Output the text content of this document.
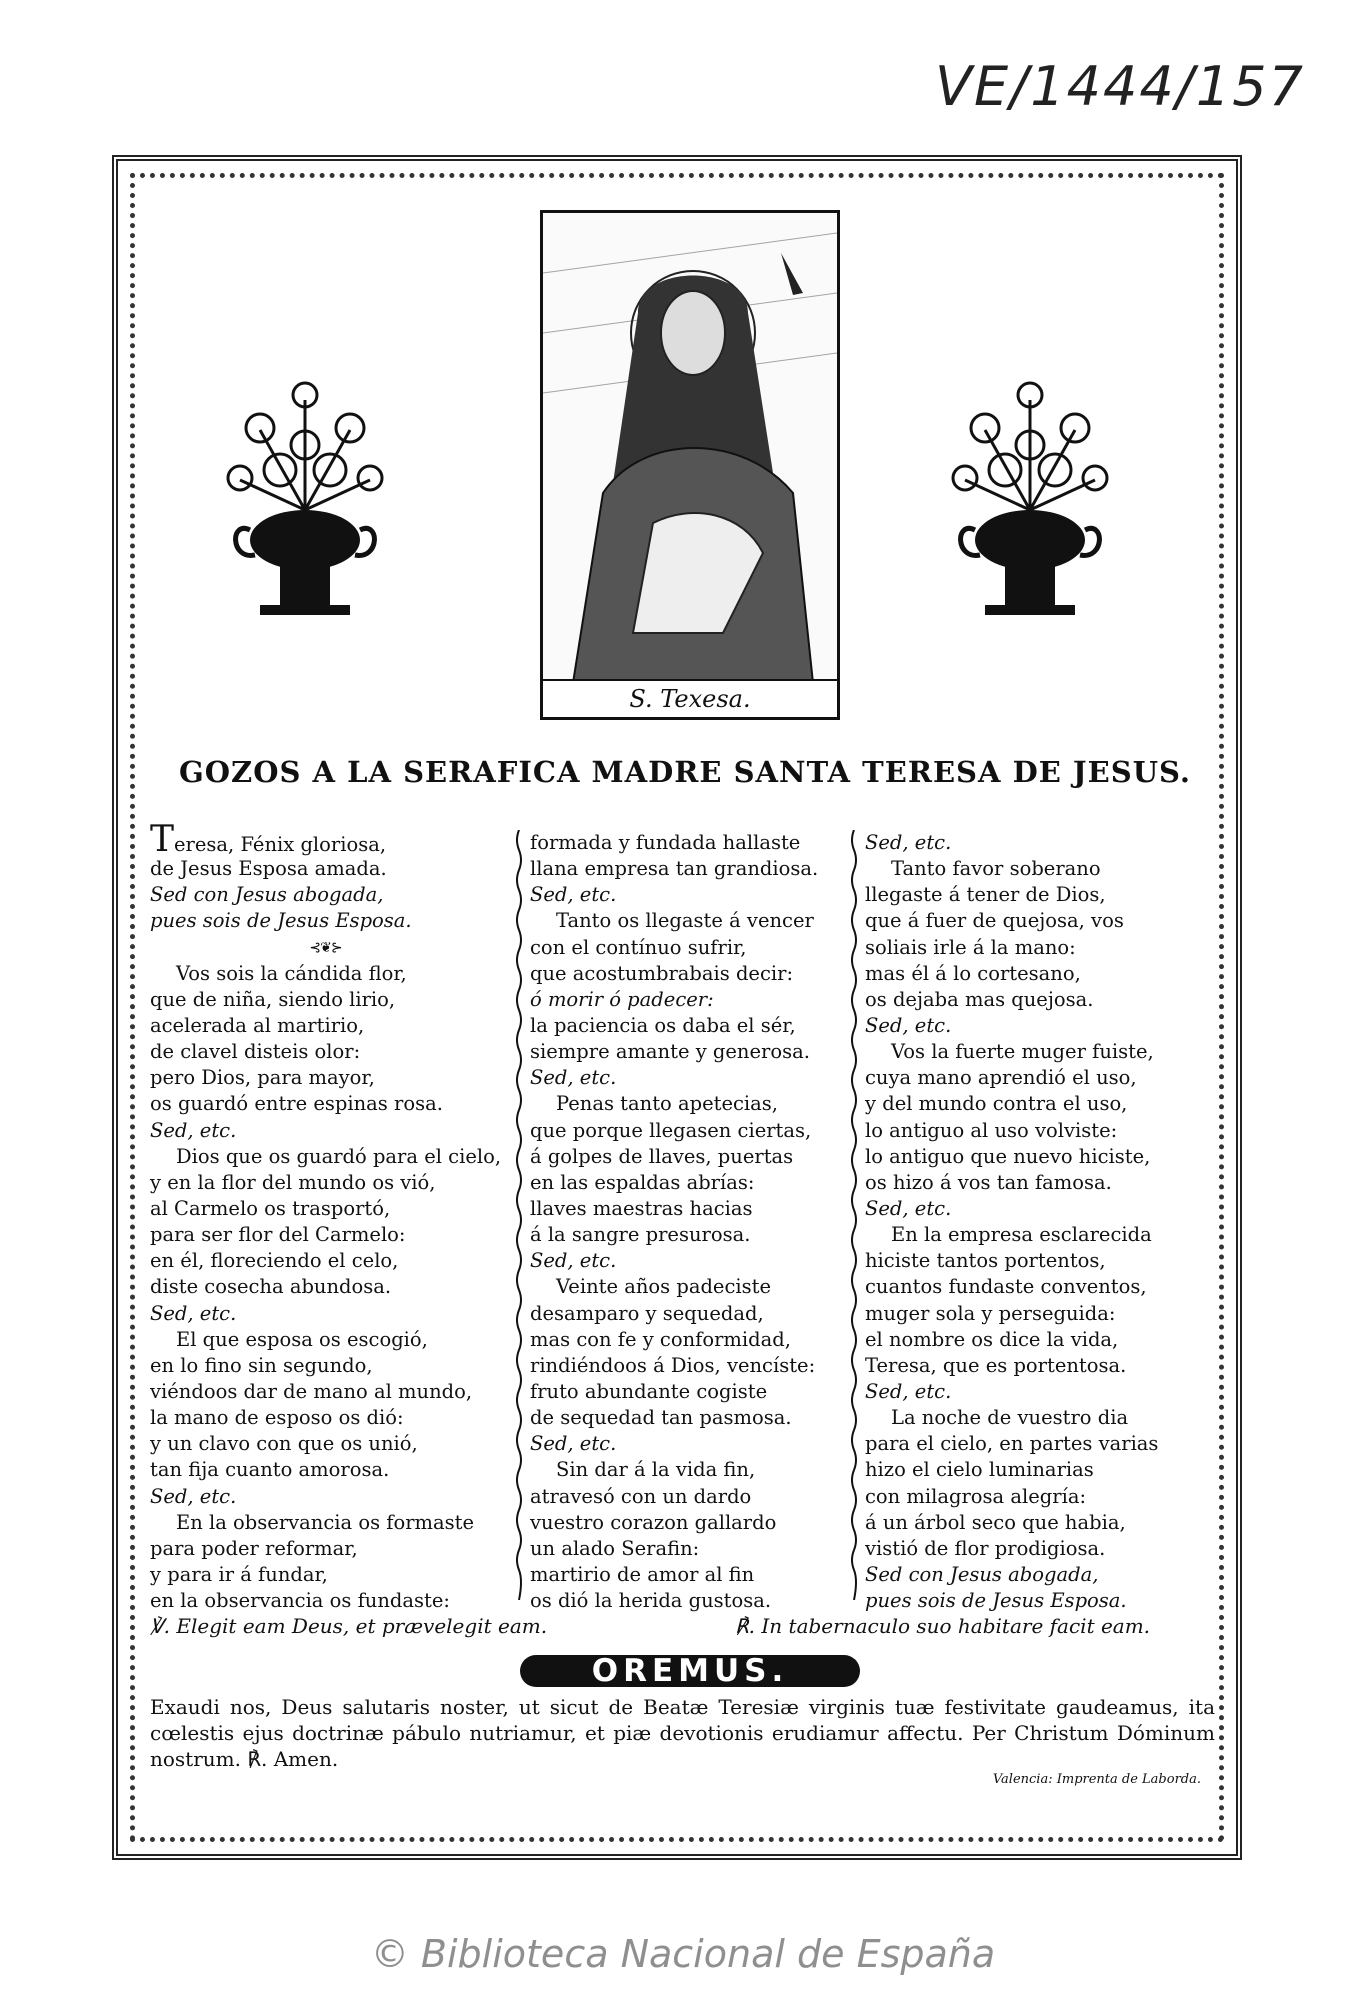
VE/1444/157
S. Texesa.
GOZOS A LA SERAFICA MADRE SANTA TERESA DE JESUS.
Teresa, Fénix gloriosa,
de Jesus Esposa amada.
Sed con Jesus abogada,
pues sois de Jesus Esposa.
⊰❦⊱
Vos sois la cándida flor,
que de niña, siendo lirio,
acelerada al martirio,
de clavel disteis olor:
pero Dios, para mayor,
os guardó entre espinas rosa.
Sed, etc.
Dios que os guardó para el cielo,
y en la flor del mundo os vió,
al Carmelo os trasportó,
para ser flor del Carmelo:
en él, floreciendo el celo,
diste cosecha abundosa.
Sed, etc.
El que esposa os escogió,
en lo fino sin segundo,
viéndoos dar de mano al mundo,
la mano de esposo os dió:
y un clavo con que os unió,
tan fija cuanto amorosa.
Sed, etc.
En la observancia os formaste
para poder reformar,
y para ir á fundar,
en la observancia os fundaste:
formada y fundada hallaste
llana empresa tan grandiosa.
Sed, etc.
Tanto os llegaste á vencer
con el contínuo sufrir,
que acostumbrabais decir:
ó morir ó padecer:
la paciencia os daba el sér,
siempre amante y generosa.
Sed, etc.
Penas tanto apetecias,
que porque llegasen ciertas,
á golpes de llaves, puertas
en las espaldas abrías:
llaves maestras hacias
á la sangre presurosa.
Sed, etc.
Veinte años padeciste
desamparo y sequedad,
mas con fe y conformidad,
rindiéndoos á Dios, vencíste:
fruto abundante cogiste
de sequedad tan pasmosa.
Sed, etc.
Sin dar á la vida fin,
atravesó con un dardo
vuestro corazon gallardo
un alado Serafin:
martirio de amor al fin
os dió la herida gustosa.
Sed, etc.
Tanto favor soberano
llegaste á tener de Dios,
que á fuer de quejosa, vos
soliais irle á la mano:
mas él á lo cortesano,
os dejaba mas quejosa.
Sed, etc.
Vos la fuerte muger fuiste,
cuya mano aprendió el uso,
y del mundo contra el uso,
lo antiguo al uso volviste:
lo antiguo que nuevo hiciste,
os hizo á vos tan famosa.
Sed, etc.
En la empresa esclarecida
hiciste tantos portentos,
cuantos fundaste conventos,
muger sola y perseguida:
el nombre os dice la vida,
Teresa, que es portentosa.
Sed, etc.
La noche de vuestro dia
para el cielo, en partes varias
hizo el cielo luminarias
con milagrosa alegría:
á un árbol seco que habia,
vistió de flor prodigiosa.
Sed con Jesus abogada,
pues sois de Jesus Esposa.
℣. Elegit eam Deus, et prævelegit eam.	℟. In tabernaculo suo habitare facit eam.
OREMUS.
Exaudi nos, Deus salutaris noster, ut sicut de Beatæ Teresiæ virginis tuæ festivitate gaudeamus, ita cœlestis ejus doctrinæ pábulo nutriamur, et piæ devotionis erudiamur affectu. Per Christum Dóminum nostrum. ℟. Amen.
Valencia: Imprenta de Laborda.
© Biblioteca Nacional de España
